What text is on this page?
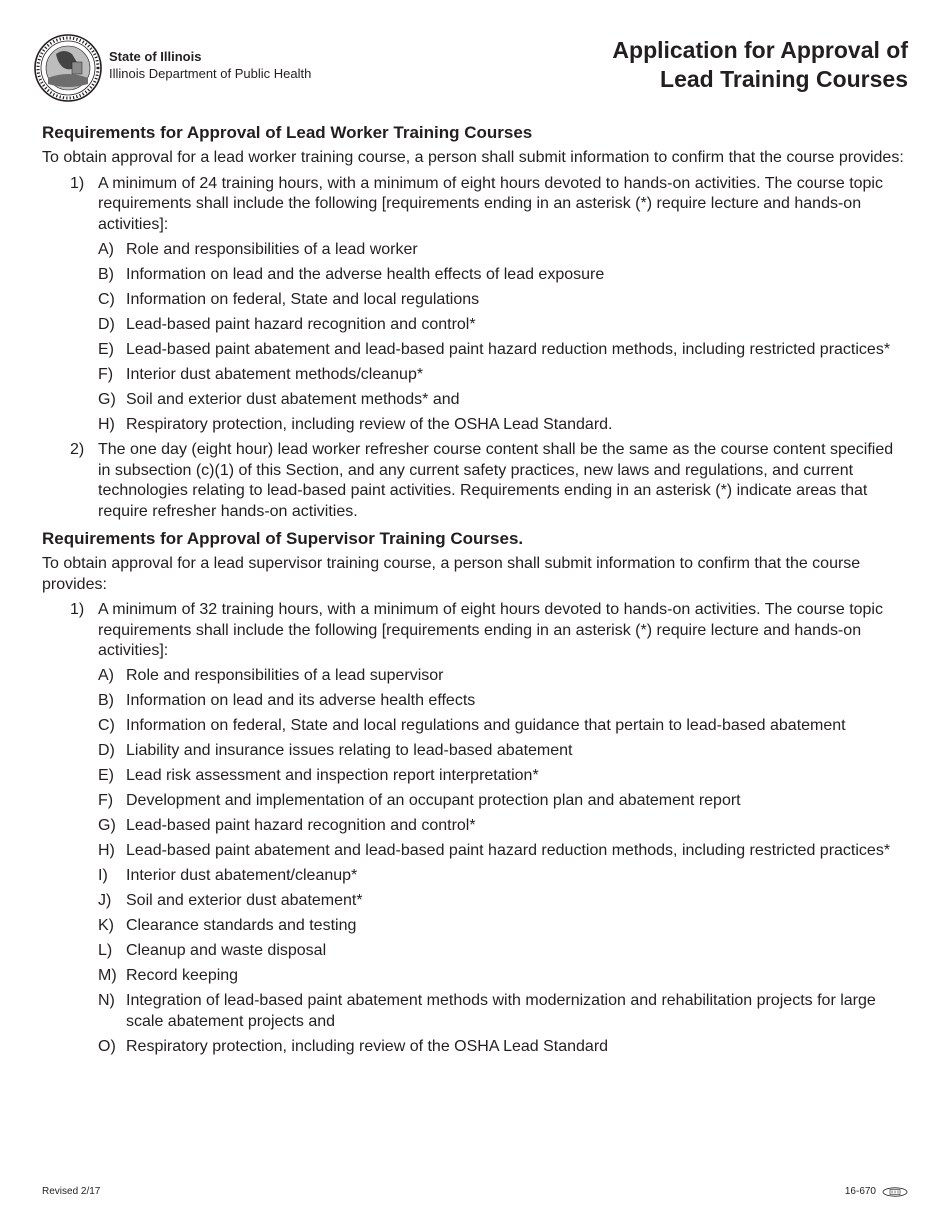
State of Illinois
Illinois Department of Public Health
Application for Approval of
Lead Training Courses
Requirements for Approval of Lead Worker Training Courses
To obtain approval for a lead worker training course, a person shall submit information to confirm that the course provides:
1) A minimum of 24 training hours, with a minimum of eight hours devoted to hands-on activities. The course topic requirements shall include the following [requirements ending in an asterisk (*) require lecture and hands-on activities]:
A) Role and responsibilities of a lead worker
B) Information on lead and the adverse health effects of lead exposure
C) Information on federal, State and local regulations
D) Lead-based paint hazard recognition and control*
E) Lead-based paint abatement and lead-based paint hazard reduction methods, including restricted practices*
F) Interior dust abatement methods/cleanup*
G) Soil and exterior dust abatement methods* and
H) Respiratory protection, including review of the OSHA Lead Standard.
2) The one day (eight hour) lead worker refresher course content shall be the same as the course content specified in subsection (c)(1) of this Section, and any current safety practices, new laws and regulations, and current technologies relating to lead-based paint activities. Requirements ending in an asterisk (*) indicate areas that require refresher hands-on activities.
Requirements for Approval of Supervisor Training Courses.
To obtain approval for a lead supervisor training course, a person shall submit information to confirm that the course provides:
1) A minimum of 32 training hours, with a minimum of eight hours devoted to hands-on activities. The course topic requirements shall include the following [requirements ending in an asterisk (*) require lecture and hands-on activities]:
A) Role and responsibilities of a lead supervisor
B) Information on lead and its adverse health effects
C) Information on federal, State and local regulations and guidance that pertain to lead-based abatement
D) Liability and insurance issues relating to lead-based abatement
E) Lead risk assessment and inspection report interpretation*
F) Development and implementation of an occupant protection plan and abatement report
G) Lead-based paint hazard recognition and control*
H) Lead-based paint abatement and lead-based paint hazard reduction methods, including restricted practices*
I) Interior dust abatement/cleanup*
J) Soil and exterior dust abatement*
K) Clearance standards and testing
L) Cleanup and waste disposal
M) Record keeping
N) Integration of lead-based paint abatement methods with modernization and rehabilitation projects for large scale abatement projects and
O) Respiratory protection, including review of the OSHA Lead Standard
Revised 2/17	16-670
